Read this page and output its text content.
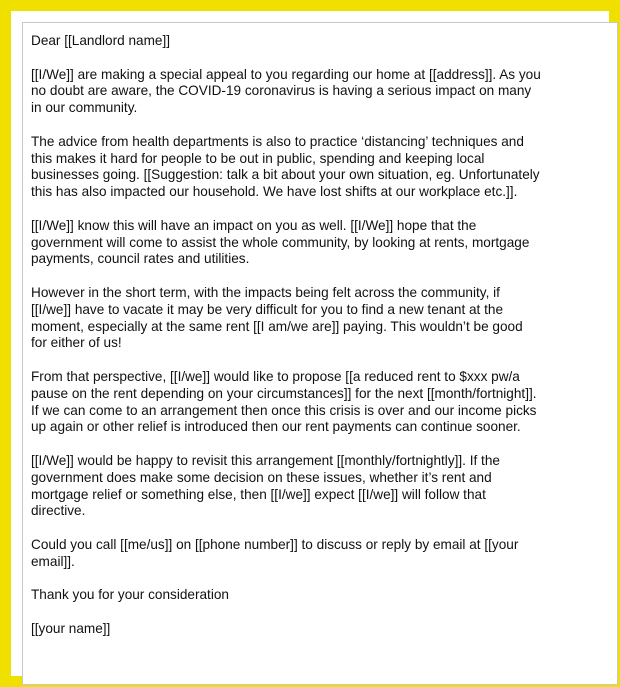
Dear [[Landlord name]]

[[I/We]] are making a special appeal to you regarding our home at [[address]]. As you
no doubt are aware, the COVID-19 coronavirus is having a serious impact on many
in our community.

The advice from health departments is also to practice ‘distancing’ techniques and
this makes it hard for people to be out in public, spending and keeping local
businesses going. [[Suggestion: talk a bit about your own situation, eg. Unfortunately
this has also impacted our household. We have lost shifts at our workplace etc.]].

[[I/We]] know this will have an impact on you as well. [[I/We]] hope that the
government will come to assist the whole community, by looking at rents, mortgage
payments, council rates and utilities.

However in the short term, with the impacts being felt across the community, if
[[I/we]] have to vacate it may be very difficult for you to find a new tenant at the
moment, especially at the same rent [[I am/we are]] paying. This wouldn’t be good
for either of us!

From that perspective, [[I/we]] would like to propose [[a reduced rent to $xxx pw/a
pause on the rent depending on your circumstances]] for the next [[month/fortnight]].
If we can come to an arrangement then once this crisis is over and our income picks
up again or other relief is introduced then our rent payments can continue sooner.

[[I/We]] would be happy to revisit this arrangement [[monthly/fortnightly]]. If the
government does make some decision on these issues, whether it’s rent and
mortgage relief or something else, then [[I/we]] expect [[I/we]] will follow that
directive.

Could you call [[me/us]] on [[phone number]] to discuss or reply by email at [[your
email]].

Thank you for your consideration

[[your name]]
